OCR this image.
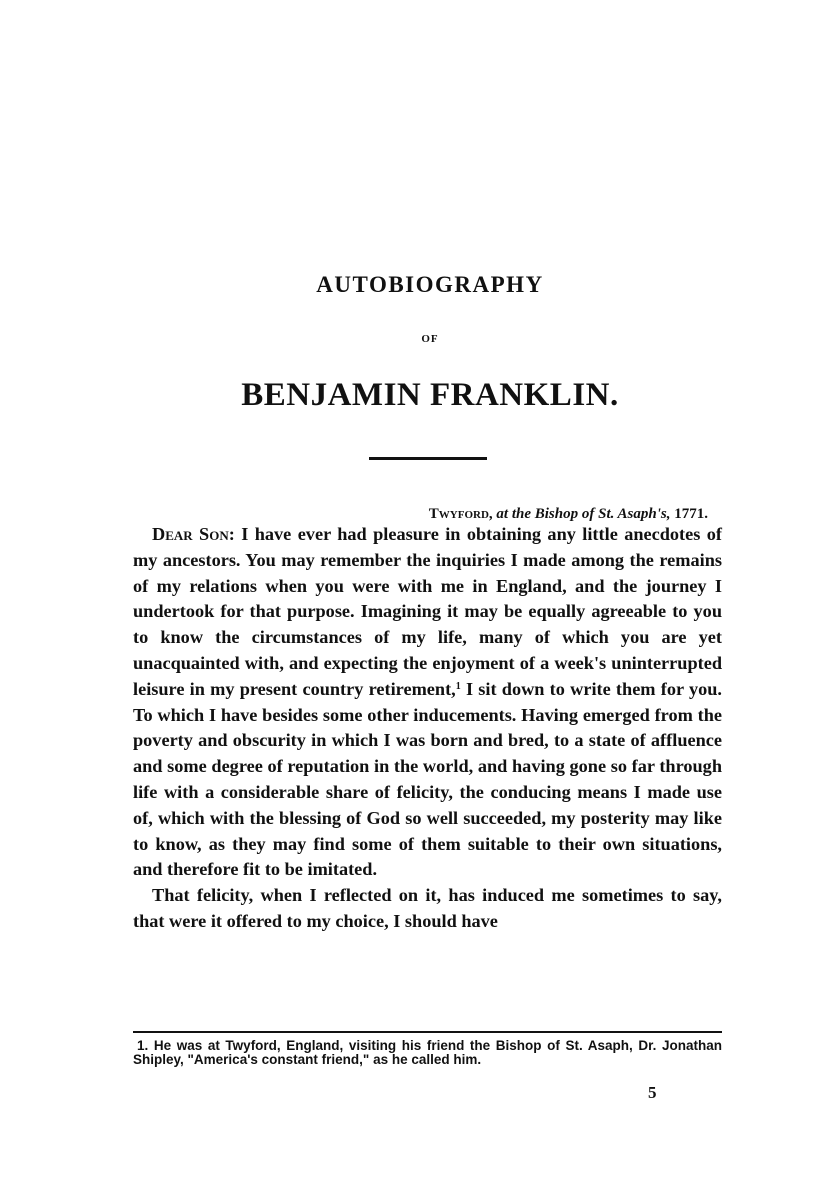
AUTOBIOGRAPHY
OF
BENJAMIN FRANKLIN.
Twyford, at the Bishop of St. Asaph's, 1771.

Dear Son: I have ever had pleasure in obtaining any little anecdotes of my ancestors. You may remember the inquiries I made among the remains of my relations when you were with me in England, and the journey I undertook for that purpose. Imagining it may be equally agreeable to you to know the circumstances of my life, many of which you are yet unacquainted with, and expecting the enjoyment of a week's uninterrupted leisure in my present country retirement,$^1$ I sit down to write them for you. To which I have besides some other inducements. Having emerged from the poverty and obscurity in which I was born and bred, to a state of affluence and some degree of reputation in the world, and having gone so far through life with a considerable share of felicity, the conducing means I made use of, which with the blessing of God so well succeeded, my posterity may like to know, as they may find some of them suitable to their own situations, and therefore fit to be imitated.

That felicity, when I reflected on it, has induced me sometimes to say, that were it offered to my choice, I should have

1. He was at Twyford, England, visiting his friend the Bishop of St. Asaph, Dr. Jonathan Shipley, "America's constant friend," as he called him.
5
